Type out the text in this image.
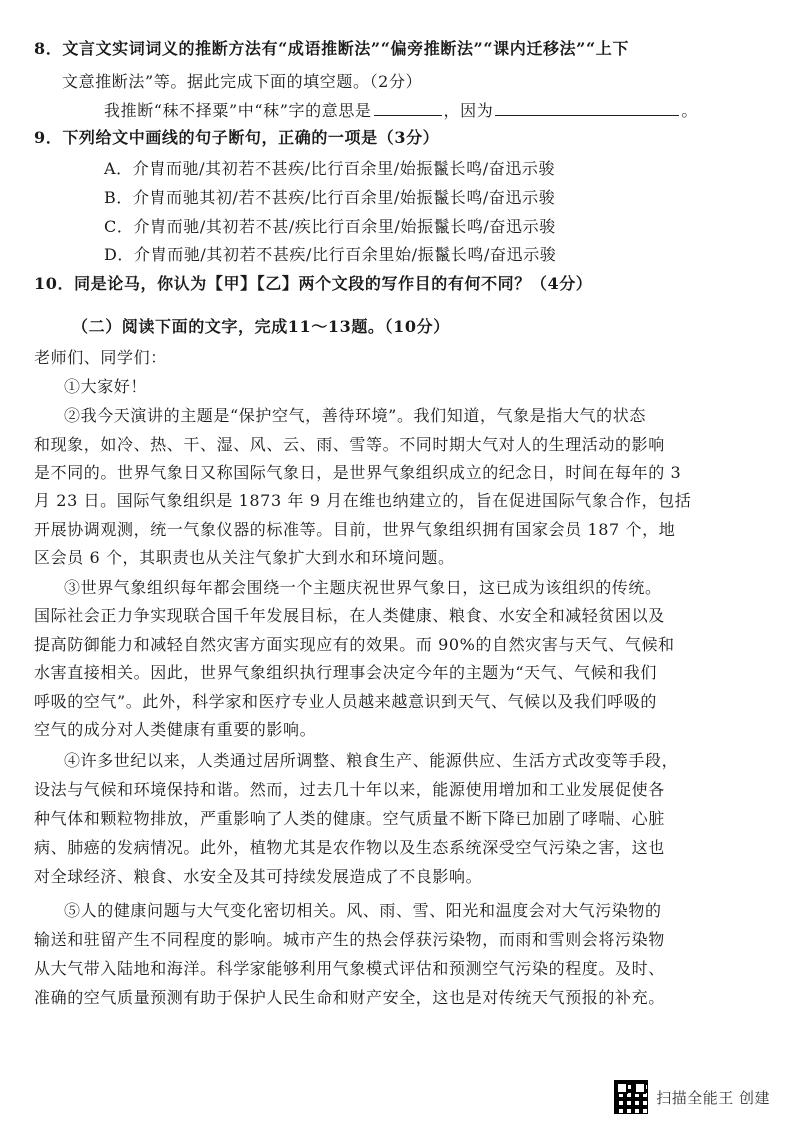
8．文言文实词词义的推断方法有“成语推断法”“偏旁推断法”“课内迁移法”“上下
文意推断法”等。据此完成下面的填空题。（2分）
我推断“秣不择粟”中“秣”字的意思是	，因为	。
9．下列给文中画线的句子断句，正确的一项是（3分）
A．介胄而驰/其初若不甚疾/比行百余里/始振鬣长鸣/奋迅示骏
B．介胄而驰其初/若不甚疾/比行百余里/始振鬣长鸣/奋迅示骏
C．介胄而驰/其初若不甚/疾比行百余里/始振鬣长鸣/奋迅示骏
D．介胄而驰/其初若不甚疾/比行百余里始/振鬣长鸣/奋迅示骏
10．同是论马，你认为【甲】【乙】两个文段的写作目的有何不同？（4分）
（二）阅读下面的文字，完成11～13题。（10分）
老师们、同学们：
①大家好！
②我今天演讲的主题是“保护空气，善待环境”。我们知道，气象是指大气的状态
和现象，如冷、热、干、湿、风、云、雨、雪等。不同时期大气对人的生理活动的影响
是不同的。世界气象日又称国际气象日，是世界气象组织成立的纪念日，时间在每年的 3
月 23 日。国际气象组织是 1873 年 9 月在维也纳建立的，旨在促进国际气象合作，包括
开展协调观测，统一气象仪器的标准等。目前，世界气象组织拥有国家会员 187 个，地
区会员 6 个，其职责也从关注气象扩大到水和环境问题。
③世界气象组织每年都会围绕一个主题庆祝世界气象日，这已成为该组织的传统。
国际社会正力争实现联合国千年发展目标，在人类健康、粮食、水安全和减轻贫困以及
提高防御能力和减轻自然灾害方面实现应有的效果。而 90%的自然灾害与天气、气候和
水害直接相关。因此，世界气象组织执行理事会决定今年的主题为“天气、气候和我们
呼吸的空气”。此外，科学家和医疗专业人员越来越意识到天气、气候以及我们呼吸的
空气的成分对人类健康有重要的影响。
④许多世纪以来，人类通过居所调整、粮食生产、能源供应、生活方式改变等手段，
设法与气候和环境保持和谐。然而，过去几十年以来，能源使用增加和工业发展促使各
种气体和颗粒物排放，严重影响了人类的健康。空气质量不断下降已加剧了哮喘、心脏
病、肺癌的发病情况。此外，植物尤其是农作物以及生态系统深受空气污染之害，这也
对全球经济、粮食、水安全及其可持续发展造成了不良影响。
⑤人的健康问题与大气变化密切相关。风、雨、雪、阳光和温度会对大气污染物的
输送和驻留产生不同程度的影响。城市产生的热会俘获污染物，而雨和雪则会将污染物
从大气带入陆地和海洋。科学家能够利用气象模式评估和预测空气污染的程度。及时、
准确的空气质量预测有助于保护人民生命和财产安全，这也是对传统天气预报的补充。
扫描全能王 创建
